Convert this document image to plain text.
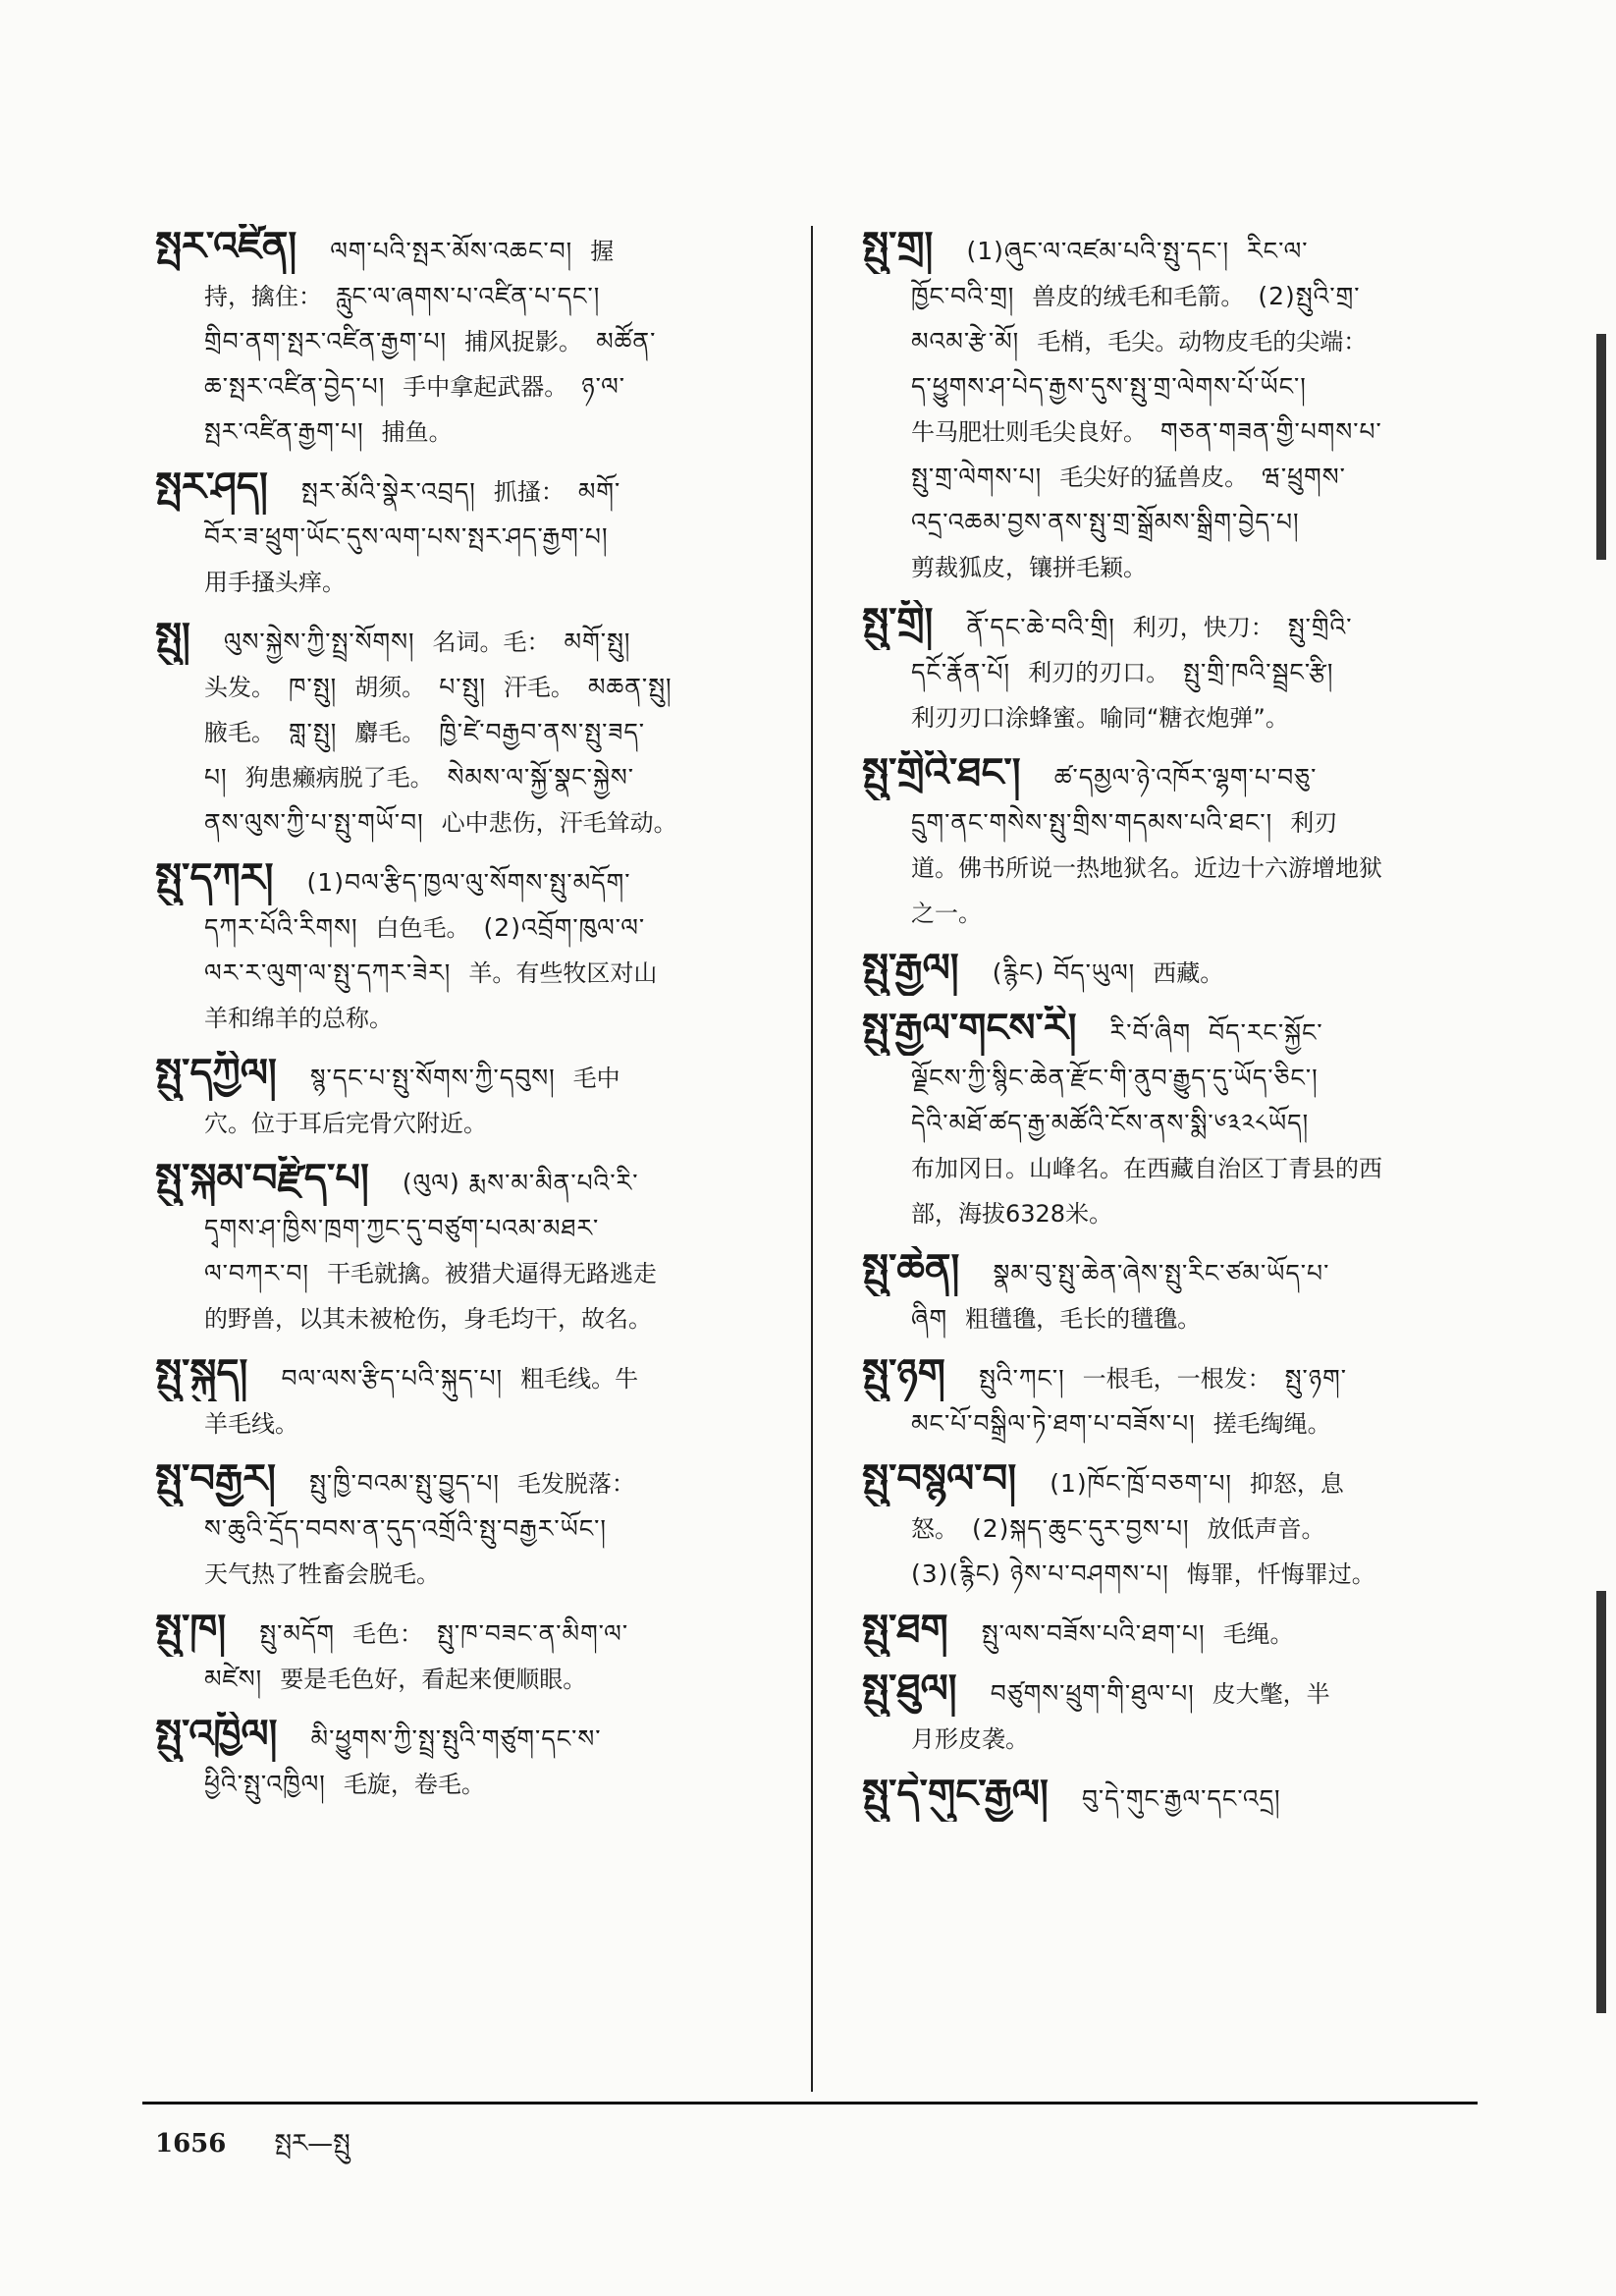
སྤར་འཛིན། ལག་པའི་སྤར་མོས་འཆང་བ། 握
持，擒住： རླུང་ལ་ཞགས་པ་འཛིན་པ་དང་།
གྲིབ་ནག་སྤར་འཛིན་རྒྱག་པ། 捕风捉影。 མཚོན་
ཆ་སྤར་འཛིན་བྱེད་པ། 手中拿起武器。 ཉ་ལ་
སྤར་འཛིན་རྒྱག་པ། 捕鱼。
སྤར་ཤད། སྤར་མོའི་སྣེར་འབྲད། 抓搔： མགོ་
བོར་ཟ་ཕྲུག་ཡོང་དུས་ལག་པས་སྤར་ཤད་རྒྱག་པ།
用手搔头痒。
སྤུ། ལུས་སྐྱེས་ཀྱི་སྤྲ་སོགས། 名词。毛： མགོ་སྤུ།
头发。 ཁ་སྤུ། 胡须。 པ་སྤུ། 汗毛。 མཆན་སྤུ།
腋毛。 གླ་སྤུ། 麝毛。 ཁྱི་ཛེ་བརྒྱབ་ནས་སྤུ་ཟད་
པ། 狗患癞病脱了毛。 སེམས་ལ་སྐྱོ་སྣང་སྐྱེས་
ནས་ལུས་ཀྱི་པ་སྤུ་གཡོ་བ། 心中悲伤，汗毛耸动。
སྤུ་དཀར། (1)བལ་རྩིད་ཁྱལ་ལུ་སོགས་སྤུ་མདོག་
དཀར་པོའི་རིགས། 白色毛。 (2)འབྲོག་ཁུལ་ལ་
ལར་ར་ལུག་ལ་སྤུ་དཀར་ཟེར། 羊。有些牧区对山
羊和绵羊的总称。
སྤུ་དཀྱིལ། སྙ་དང་པ་སྤུ་སོགས་ཀྱི་དབུས། 毛中
穴。位于耳后完骨穴附近。
སྤུ་སྐམ་བརྫིད་པ། (ལུལ) རྨས་མ་མིན་པའི་རི་
དྭགས་ཤ་ཁྱིས་ཁྲག་ཀྱང་དུ་བཙུག་པའམ་མཐར་
ལ་བཀར་བ། 干毛就擒。被猎犬逼得无路逃走
的野兽，以其未被枪伤，身毛均干，故名。
སྤུ་སྐུད། བལ་ལས་རྩིད་པའི་སྐུད་པ། 粗毛线。牛
羊毛线。
སྤུ་བརྒྱར། སྤུ་ཁྱི་བའམ་སྤུ་བྱུད་པ། 毛发脱落：
ས་ཆུའི་དྲོད་བབས་ན་དུད་འགྲོའི་སྤུ་བརྒྱར་ཡོང་།
天气热了牲畜会脱毛。
སྤུ་ཁ། སྤུ་མདོག 毛色： སྤུ་ཁ་བཟང་ན་མིག་ལ་
མཛེས། 要是毛色好，看起来便顺眼。
སྤུ་འཁྱིལ། མི་ཕྱུགས་ཀྱི་སྤྲ་སྤུའི་གཙུག་དང་ས་
ཕྱིའི་སྤུ་འཁྱིལ། 毛旋，卷毛。
སྤུ་གྲ། (1)ཞུང་ལ་འཛམ་པའི་སྤུ་དང་། རིང་ལ་
ཁྱོང་བའི་གྲ། 兽皮的绒毛和毛箭。 (2)སྤུའི་གྲ་
མའམ་རྩེ་མོ། 毛梢，毛尖。动物皮毛的尖端：
ད་ཕྱུགས་ཤ་པེད་རྒྱས་དུས་སྤུ་གྲ་ལེགས་པོ་ཡོང་།
牛马肥壮则毛尖良好。 གཅན་གཟན་གྱི་པགས་པ་
སྤུ་གྲ་ལེགས་པ། 毛尖好的猛兽皮。 ཝ་ཕྲུགས་
འདྲ་འཆམ་བྱས་ནས་སྤུ་གྲ་སྒྲོམས་སྒྲིག་བྱེད་པ།
剪裁狐皮，镶拼毛颖。
སྤུ་གྲི། ནོ་དང་ཆེ་བའི་གྲི། 利刃，快刀： སྤུ་གྲིའི་
དངོ་རྣོན་པོ། 利刃的刃口。 སྤུ་གྲི་ཁའི་སྦྲང་རྩི།
利刃刃口涂蜂蜜。喻同“糖衣炮弹”。
སྤུ་གྲིའི་ཐང་། ཚ་དམྱལ་ཉེ་འཁོར་ལྷག་པ་བཅུ་
དྲུག་ནང་གསེས་སྤུ་གྲིས་གདམས་པའི་ཐང་། 利刃
道。佛书所说一热地狱名。近边十六游增地狱
之一。
སྤུ་རྒྱལ། (རྙིང) བོད་ཡུལ། 西藏。
སྤུ་རྒྱལ་གངས་རི། རི་བོ་ཞིག བོད་རང་སྐྱོང་
ལྗོངས་ཀྱི་སྙིང་ཆེན་རྫོང་གི་ནུབ་རྒྱུད་དུ་ཡོད་ཅིང་།
དེའི་མཐོ་ཚད་རྒྱ་མཚོའི་ངོས་ནས་སྨི་༦༣༢༨ཡོད།
布加冈日。山峰名。在西藏自治区丁青县的西
部，海拔6328米。
སྤུ་ཆེན། སྣམ་བུ་སྤུ་ཆེན་ཞེས་སྤུ་རིང་ཙམ་ཡོད་པ་
ཞིག 粗氆氇，毛长的氆氇。
སྤུ་ཉག སྤུའི་ཀང་། 一根毛，一根发： སྤུ་ཉག་
མང་པོ་བསྒྲིལ་ཏེ་ཐག་པ་བཟོས་པ། 搓毛绹绳。
སྤུ་བསྙལ་བ། (1)ཁོང་ཁྲོ་བཅག་པ། 抑怒，息
怒。 (2)སྐད་ཆུང་དུར་བྱས་པ། 放低声音。
(3)(རྙིང) ཉེས་པ་བཤགས་པ། 悔罪，忏悔罪过。
སྤུ་ཐག སྤུ་ལས་བཟོས་པའི་ཐག་པ། 毛绳。
སྤུ་ཐུལ། བཙུགས་ཕྲུག་གི་ཐུལ་པ། 皮大氅，半
月形皮袭。
སྤུ་དེ་གུང་རྒྱལ། བུ་དེ་གུང་རྒྱལ་དང་འདྲ།
1656 སྤར—སྤུ
